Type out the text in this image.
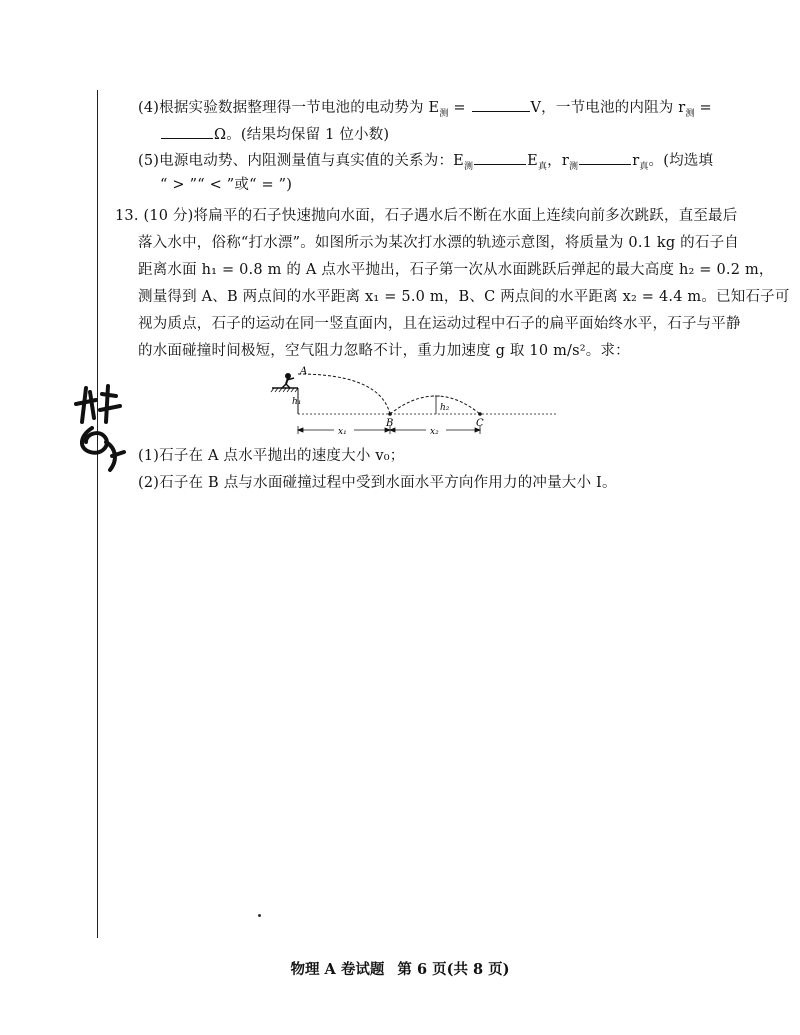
(4)根据实验数据整理得一节电池的电动势为 $E_测$ =	V，一节电池的内阻为 $r_测$ =
Ω。(结果均保留 1 位小数)
(5)电源电动势、内阻测量值与真实值的关系为：$E_测$	$E_真$，$r_测$	$r_真$。(均选填
“ > ”“ < ”或“ = ”)
13. (10 分)将扁平的石子快速抛向水面，石子遇水后不断在水面上连续向前多次跳跃，直至最后
落入水中，俗称“打水漂”。如图所示为某次打水漂的轨迹示意图，将质量为 0.1 kg 的石子自
距离水面 h₁ = 0.8 m 的 A 点水平抛出，石子第一次从水面跳跃后弹起的最大高度 h₂ = 0.2 m，
测量得到 A、B 两点间的水平距离 x₁ = 5.0 m，B、C 两点间的水平距离 x₂ = 4.4 m。已知石子可
视为质点，石子的运动在同一竖直面内，且在运动过程中石子的扁平面始终水平，石子与平静
的水面碰撞时间极短，空气阻力忽略不计，重力加速度 g 取 10 m/s²。求：
h₁
h₂
A
B	C
x₁	x₂
(1)石子在 A 点水平抛出的速度大小 v₀；
(2)石子在 B 点与水面碰撞过程中受到水面水平方向作用力的冲量大小 I。
物理 A 卷试题 第 6 页(共 8 页)
